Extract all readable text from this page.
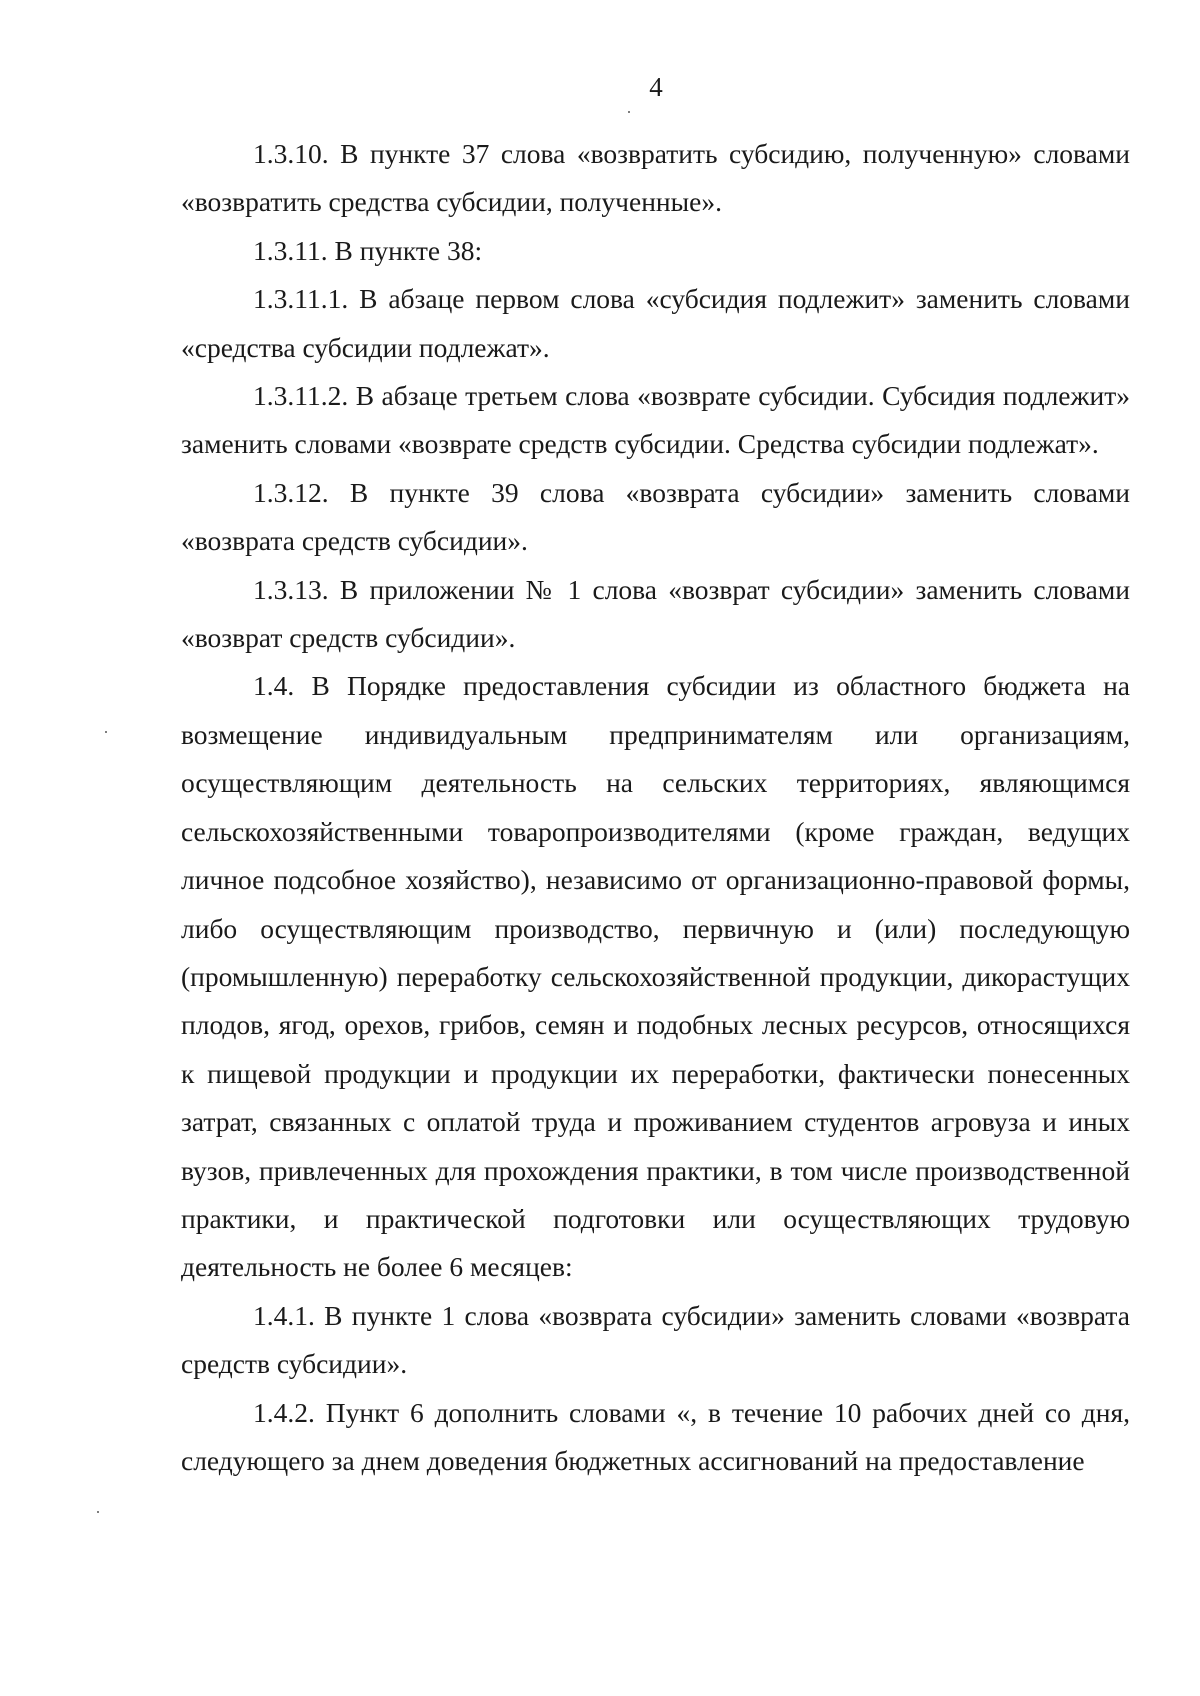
4

1.3.10. В пункте 37 слова «возвратить субсидию, полученную» словами «возвратить средства субсидии, полученные».

1.3.11. В пункте 38:

1.3.11.1. В абзаце первом слова «субсидия подлежит» заменить словами «средства субсидии подлежат».

1.3.11.2. В абзаце третьем слова «возврате субсидии. Субсидия подлежит» заменить словами «возврате средств субсидии. Средства субсидии подлежат».

1.3.12. В пункте 39 слова «возврата субсидии» заменить словами «возврата средств субсидии».

1.3.13. В приложении № 1 слова «возврат субсидии» заменить словами «возврат средств субсидии».

1.4. В Порядке предоставления субсидии из областного бюджета на возмещение индивидуальным предпринимателям или организациям, осуществляющим деятельность на сельских территориях, являющимся сельскохозяйственными товаропроизводителями (кроме граждан, ведущих личное подсобное хозяйство), независимо от организационно-правовой формы, либо осуществляющим производство, первичную и (или) последующую (промышленную) переработку сельскохозяйственной продукции, дикорастущих плодов, ягод, орехов, грибов, семян и подобных лесных ресурсов, относящихся к пищевой продукции и продукции их переработки, фактически понесенных затрат, связанных с оплатой труда и проживанием студентов агровуза и иных вузов, привлеченных для прохождения практики, в том числе производственной практики, и практической подготовки или осуществляющих трудовую деятельность не более 6 месяцев:

1.4.1. В пункте 1 слова «возврата субсидии» заменить словами «возврата средств субсидии».

1.4.2. Пункт 6 дополнить словами «, в течение 10 рабочих дней со дня, следующего за днем доведения бюджетных ассигнований на предоставление
